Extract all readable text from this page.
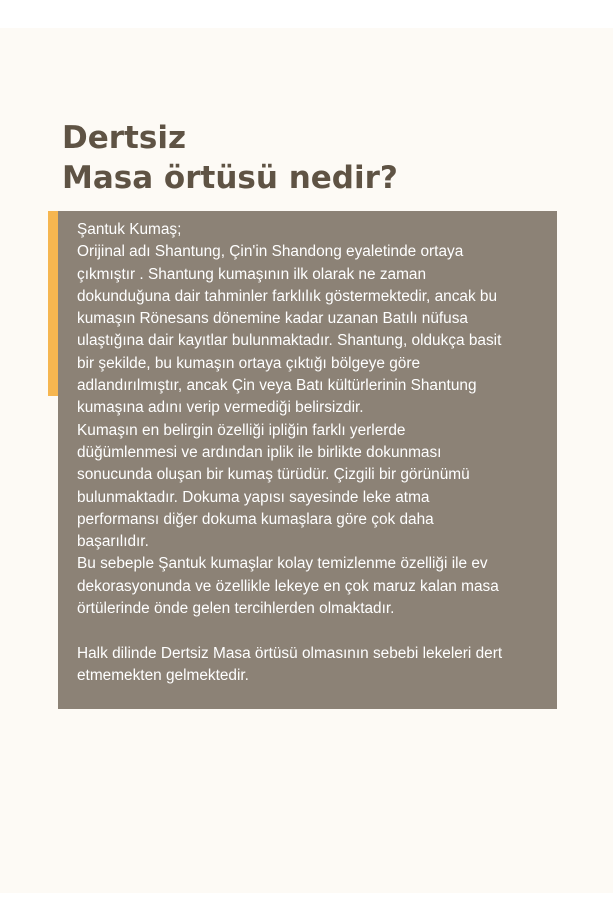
Dertsiz
Masa örtüsü nedir?

Şantuk Kumaş;
Orijinal adı Shantung, Çin'in Shandong eyaletinde ortaya
çıkmıştır . Shantung kumaşının ilk olarak ne zaman
dokunduğuna dair tahminler farklılık göstermektedir, ancak bu
kumaşın Rönesans dönemine kadar uzanan Batılı nüfusa
ulaştığına dair kayıtlar bulunmaktadır. Shantung, oldukça basit
bir şekilde, bu kumaşın ortaya çıktığı bölgeye göre
adlandırılmıştır, ancak Çin veya Batı kültürlerinin Shantung
kumaşına adını verip vermediği belirsizdir.
Kumaşın en belirgin özelliği ipliğin farklı yerlerde
düğümlenmesi ve ardından iplik ile birlikte dokunması
sonucunda oluşan bir kumaş türüdür. Çizgili bir görünümü
bulunmaktadır. Dokuma yapısı sayesinde leke atma
performansı diğer dokuma kumaşlara göre çok daha
başarılıdır.
Bu sebeple Şantuk kumaşlar kolay temizlenme özelliği ile ev
dekorasyonunda ve özellikle lekeye en çok maruz kalan masa
örtülerinde önde gelen tercihlerden olmaktadır.

Halk dilinde Dertsiz Masa örtüsü olmasının sebebi lekeleri dert
etmemekten gelmektedir.
